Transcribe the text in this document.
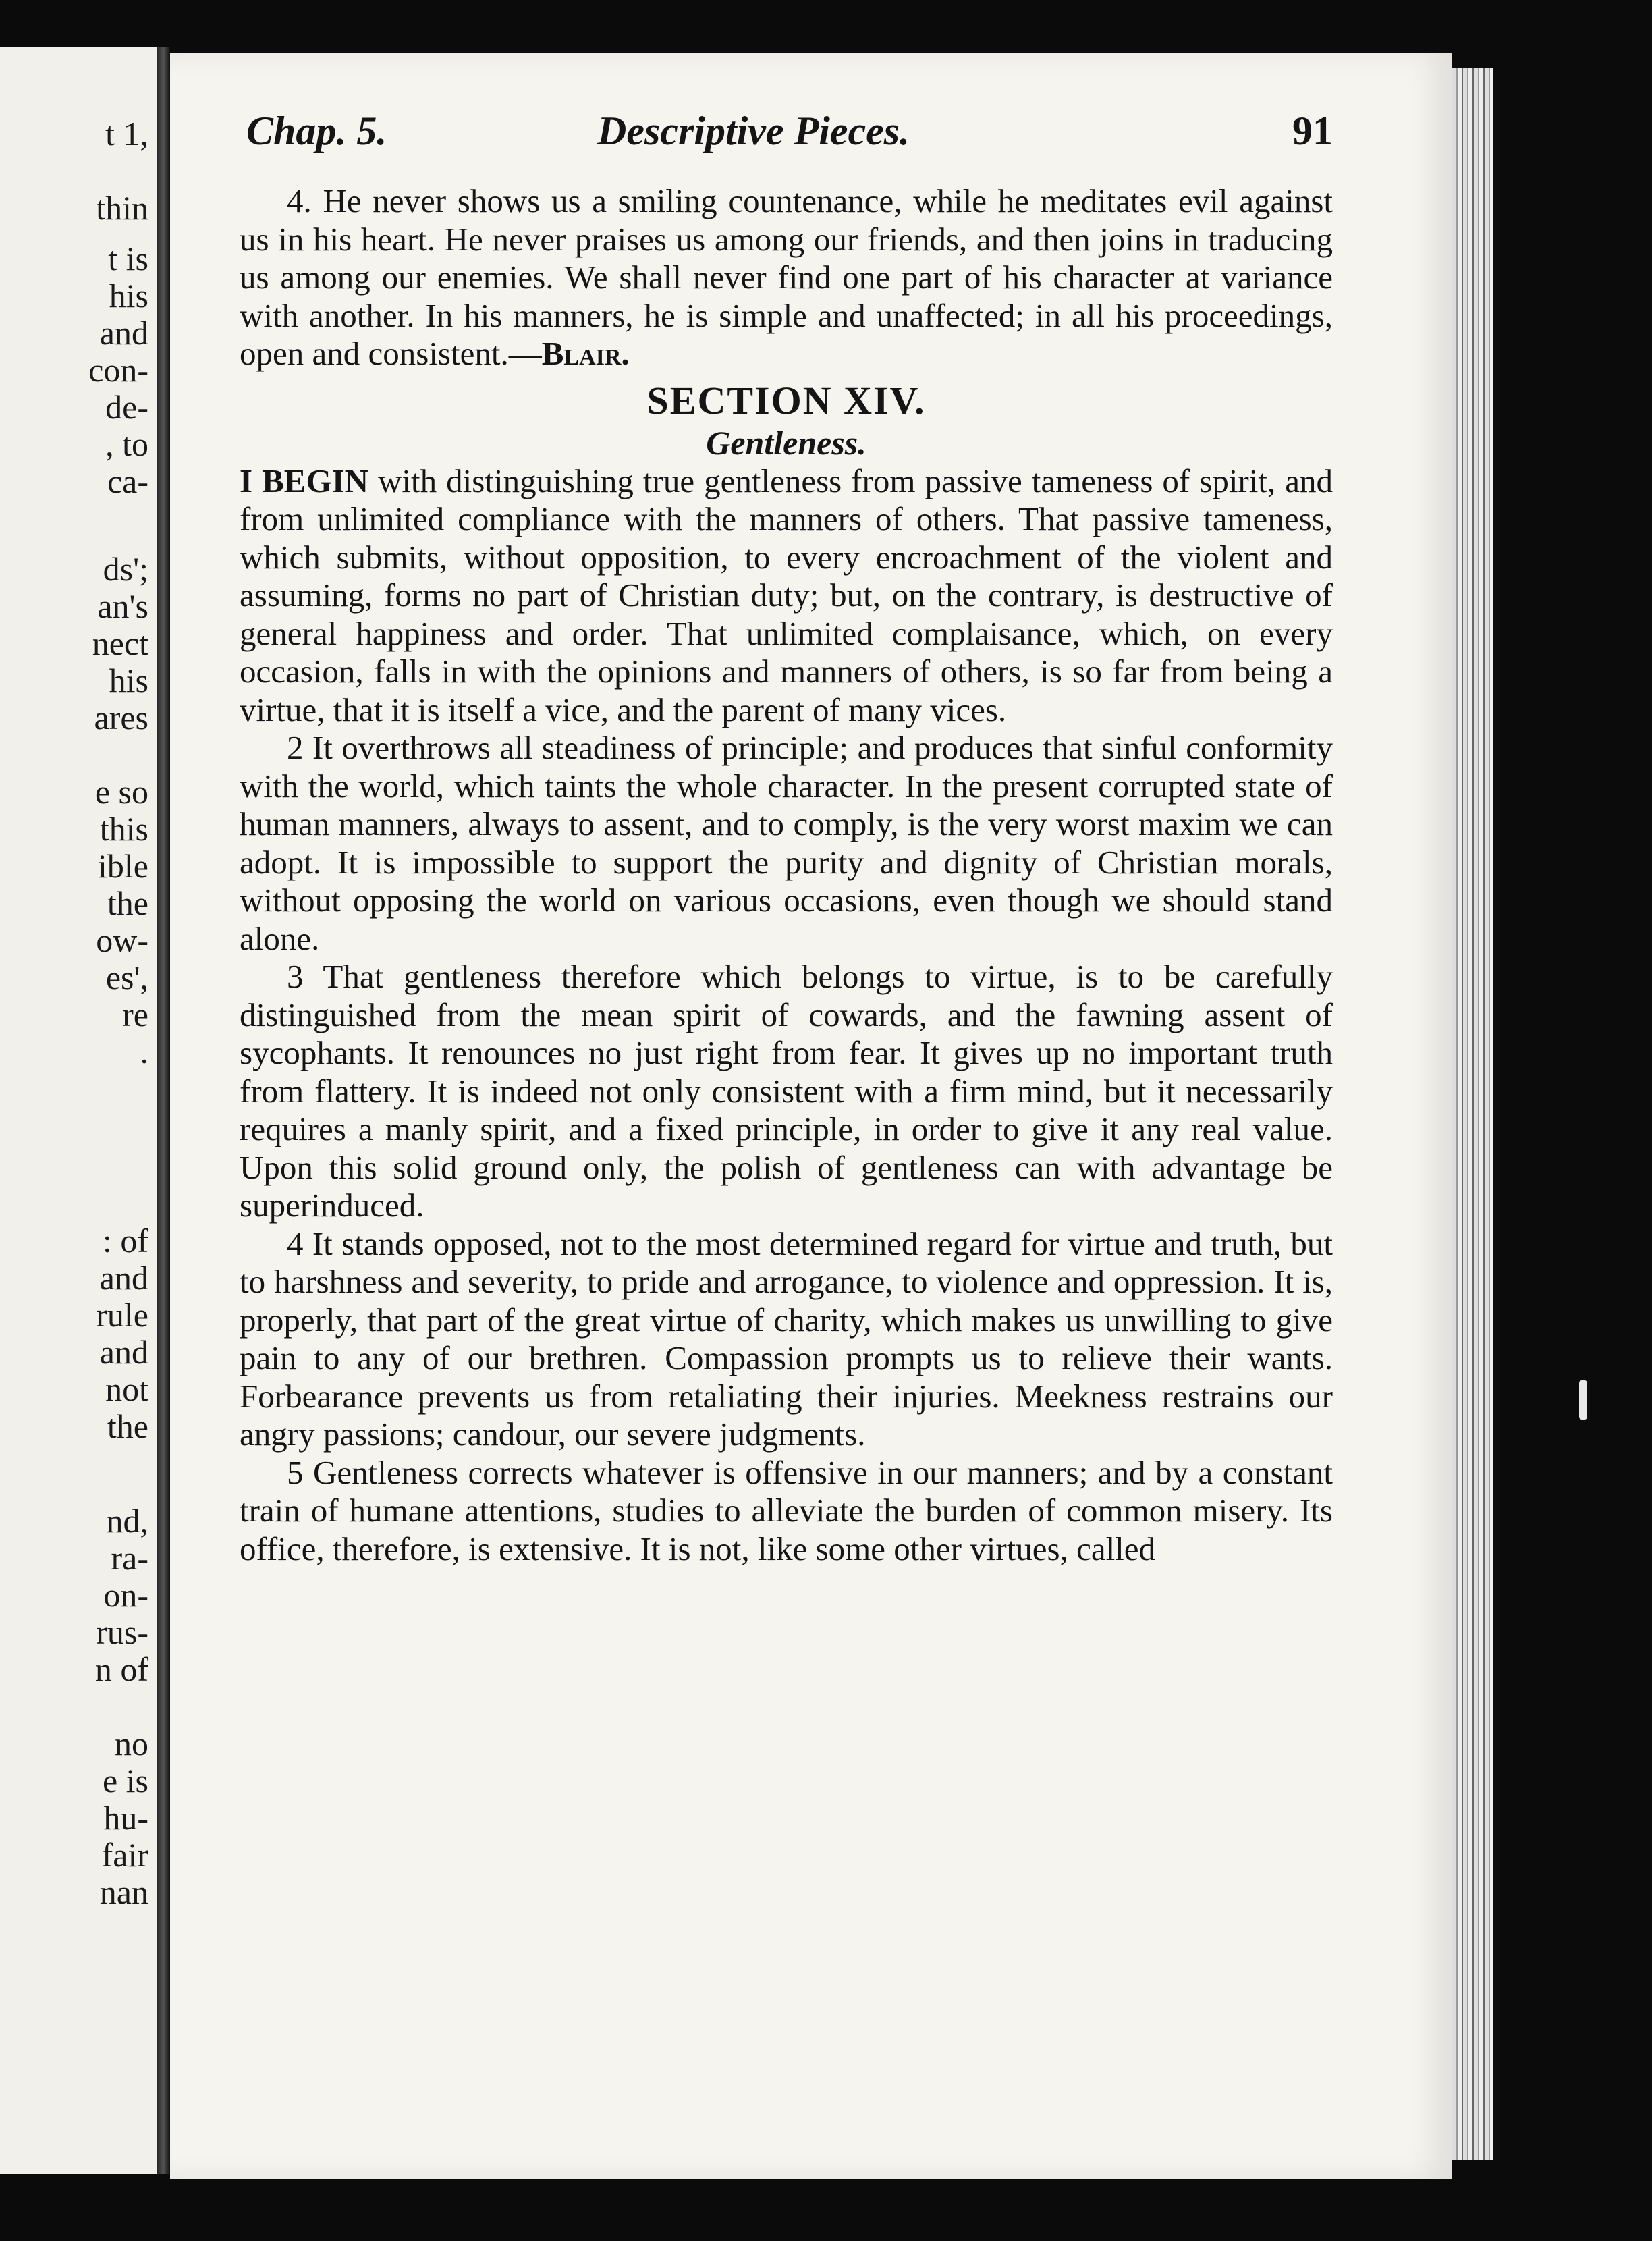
t 1,
thin
t is
his
and
con-
de-
, to
ca-
ds';
an's
nect
his
ares
e so
this
ible
the
ow-
es',
re
.
: of
and
rule
and
not
the
nd,
ra-
on-
rus-
n of
no
e is
hu-
fair
nan
Chap. 5.	Descriptive Pieces.	91

4. He never shows us a smiling countenance, while he meditates evil against us in his heart. He never praises us among our friends, and then joins in traducing us among our enemies. We shall never find one part of his character at variance with another. In his manners, he is simple and unaffected; in all his proceedings, open and consistent.—Blair.

SECTION XIV.

Gentleness.

I BEGIN with distinguishing true gentleness from passive tameness of spirit, and from unlimited compliance with the manners of others. That passive tameness, which submits, without opposition, to every encroachment of the violent and assuming, forms no part of Christian duty; but, on the contrary, is destructive of general happiness and order. That unlimited complaisance, which, on every occasion, falls in with the opinions and manners of others, is so far from being a virtue, that it is itself a vice, and the parent of many vices.

2 It overthrows all steadiness of principle; and produces that sinful conformity with the world, which taints the whole character. In the present corrupted state of human manners, always to assent, and to comply, is the very worst maxim we can adopt. It is impossible to support the purity and dignity of Christian morals, without opposing the world on various occasions, even though we should stand alone.

3 That gentleness therefore which belongs to virtue, is to be carefully distinguished from the mean spirit of cowards, and the fawning assent of sycophants. It renounces no just right from fear. It gives up no important truth from flattery. It is indeed not only consistent with a firm mind, but it necessarily requires a manly spirit, and a fixed principle, in order to give it any real value. Upon this solid ground only, the polish of gentleness can with advantage be superinduced.

4 It stands opposed, not to the most determined regard for virtue and truth, but to harshness and severity, to pride and arrogance, to violence and oppression. It is, properly, that part of the great virtue of charity, which makes us unwilling to give pain to any of our brethren. Compassion prompts us to relieve their wants. Forbearance prevents us from retaliating their injuries. Meekness restrains our angry passions; candour, our severe judgments.

5 Gentleness corrects whatever is offensive in our manners; and by a constant train of humane attentions, studies to alleviate the burden of common misery. Its office, therefore, is extensive. It is not, like some other virtues, called
